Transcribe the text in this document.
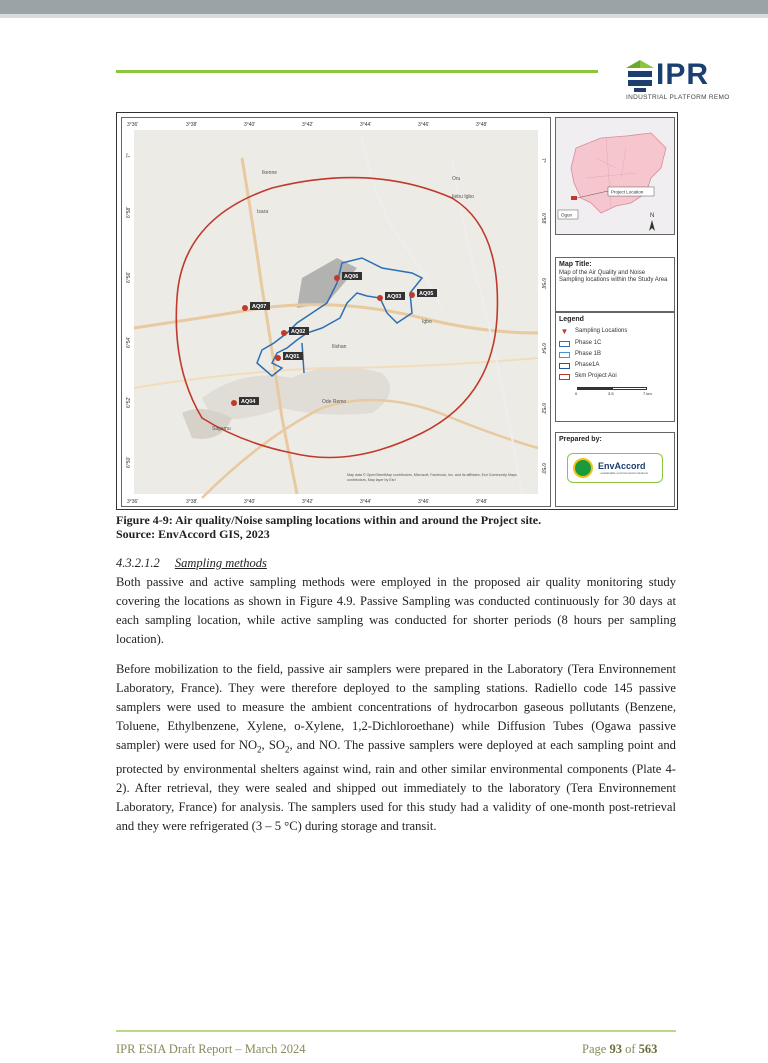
IPR
INDUSTRIAL PLATFORM REMO
Ikenne
Oru
Ijebu Igbo
Isara
Ilishan
Igbo
Ode Remo
Sagamu
AQ06
AQ03	AQ05
AQ07
AQ02
AQ01
AQ04
3°36'	3°38'	3°40'	3°42'	3°44'	3°46'	3°48'
3°36'	3°38'	3°40'	3°42'	3°44'	3°46'	3°48'
7°
6°58'
6°56'
6°54'
6°52'
6°50'
7°
6°58'
6°56'
6°54'
6°52'
6°50'
Map data © OpenStreetMap contributors, Microsoft, Facebook, Inc. and its affiliates, Esri Community Maps contributors, Map layer by Esri
Project Location
Ogun	N
Map Title:
Map of the Air Quality and Noise Sampling locations within the Study Area
Legend
▼ Sampling Locations
Phase 1C
Phase 1B
Phase1A
5km Project Aoi
0	3.5	7 km
Prepared by:
EnvAccord
...sustainable environmental solutions
Figure 4-9: Air quality/Noise sampling locations within and around the Project site.
Source: EnvAccord GIS, 2023
4.3.2.1.2 Sampling methods
Both passive and active sampling methods were employed in the proposed air quality monitoring study covering the locations as shown in Figure 4.9. Passive Sampling was conducted continuously for 30 days at each sampling location, while active sampling was conducted for shorter periods (8 hours per sampling location).
Before mobilization to the field, passive air samplers were prepared in the Laboratory (Tera Environnement Laboratory, France). They were therefore deployed to the sampling stations. Radiello code 145 passive samplers were used to measure the ambient concentrations of hydrocarbon gaseous pollutants (Benzene, Toluene, Ethylbenzene, Xylene, o-Xylene, 1,2-Dichloroethane) while Diffusion Tubes (Ogawa passive sampler) were used for $NO_2$, $SO_2$, and NO. The passive samplers were deployed at each sampling point and protected by environmental shelters against wind, rain and other similar environmental components (Plate 4-2). After retrieval, they were sealed and shipped out immediately to the laboratory (Tera Environnement Laboratory, France) for analysis. The samplers used for this study had a validity of one-month post-retrieval and they were refrigerated (3 – 5 °C) during storage and transit.
IPR ESIA Draft Report – March 2024	Page 93 of 563
